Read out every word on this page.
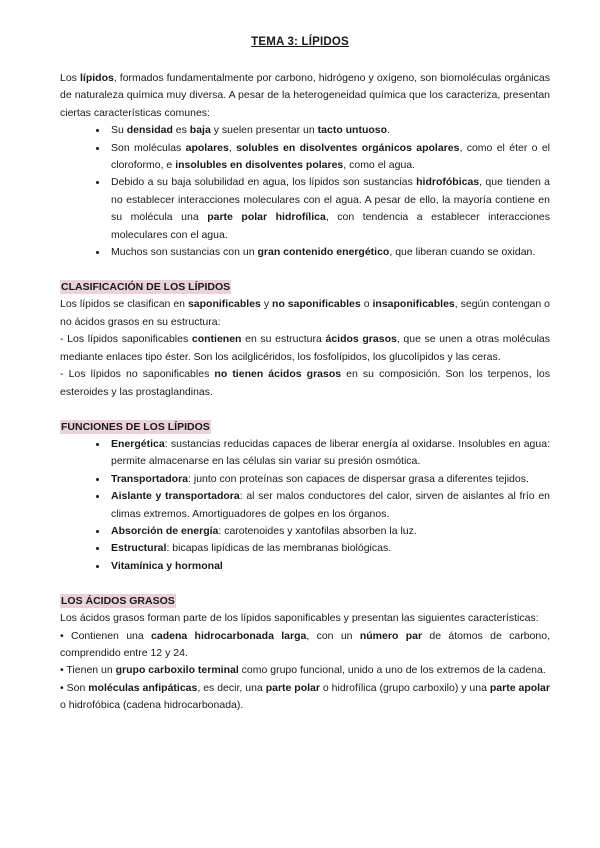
TEMA 3: LÍPIDOS

Los lípidos, formados fundamentalmente por carbono, hidrógeno y oxígeno, son biomoléculas orgánicas de naturaleza química muy diversa. A pesar de la heterogeneidad química que los caracteriza, presentan ciertas características comunes:

• Su densidad es baja y suelen presentar un tacto untuoso.
• Son moléculas apolares, solubles en disolventes orgánicos apolares, como el éter o el cloroformo, e insolubles en disolventes polares, como el agua.
• Debido a su baja solubilidad en agua, los lípidos son sustancias hidrofóbicas, que tienden a no establecer interacciones moleculares con el agua. A pesar de ello, la mayoría contiene en su molécula una parte polar hidrofílica, con tendencia a establecer interacciones moleculares con el agua.
• Muchos son sustancias con un gran contenido energético, que liberan cuando se oxidan.
CLASIFICACIÓN DE LOS LÍPIDOS

Los lípidos se clasifican en saponificables y no saponificables o insaponificables, según contengan o no ácidos grasos en su estructura:

- Los lípidos saponificables contienen en su estructura ácidos grasos, que se unen a otras moléculas mediante enlaces tipo éster. Son los acilglicéridos, los fosfolípidos, los glucolípidos y las ceras.

- Los lípidos no saponificables no tienen ácidos grasos en su composición. Son los terpenos, los esteroides y las prostaglandinas.

FUNCIONES DE LOS LÍPIDOS
• Energética: sustancias reducidas capaces de liberar energía al oxidarse. Insolubles en agua: permite almacenarse en las células sin variar su presión osmótica.
• Transportadora: junto con proteínas son capaces de dispersar grasa a diferentes tejidos.
• Aislante y transportadora: al ser malos conductores del calor, sirven de aislantes al frío en climas extremos. Amortiguadores de golpes en los órganos.
• Absorción de energía: carotenoides y xantofilas absorben la luz.
• Estructural: bicapas lipídicas de las membranas biológicas.
• Vitamínica y hormonal
LOS ÁCIDOS GRASOS

Los ácidos grasos forman parte de los lípidos saponificables y presentan las siguientes características:

• Contienen una cadena hidrocarbonada larga, con un número par de átomos de carbono, comprendido entre 12 y 24.

• Tienen un grupo carboxilo terminal como grupo funcional, unido a uno de los extremos de la cadena.

• Son moléculas anfipáticas, es decir, una parte polar o hidrofílica (grupo carboxilo) y una parte apolar o hidrofóbica (cadena hidrocarbonada).
